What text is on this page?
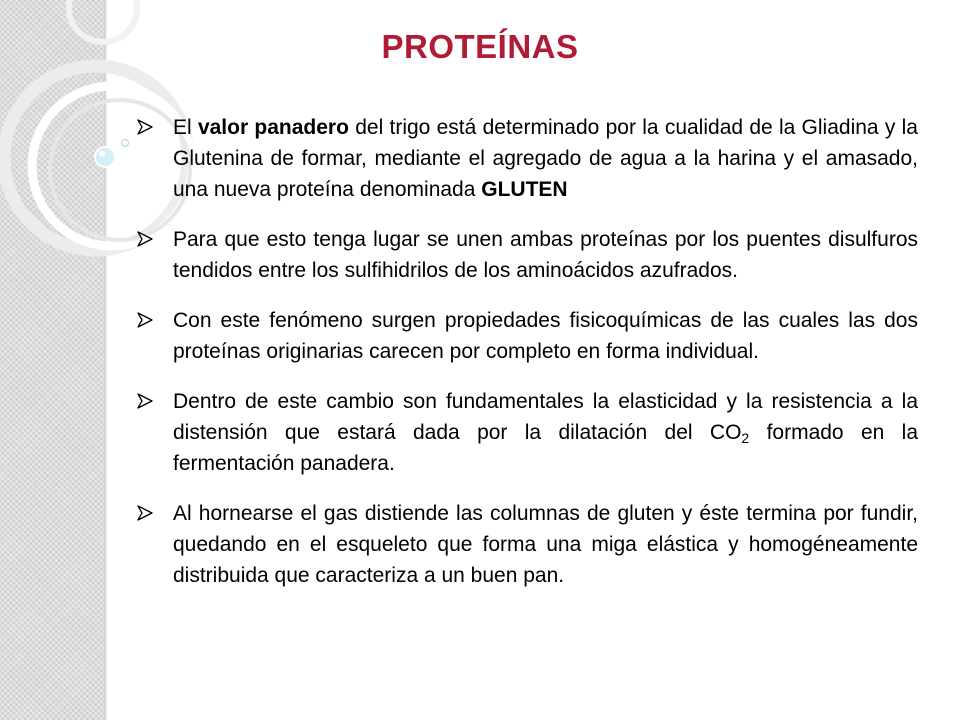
PROTEÍNAS

El valor panadero del trigo está determinado por la cualidad de la Gliadina y la Glutenina de formar, mediante el agregado de agua a la harina y el amasado, una nueva proteína denominada GLUTEN

Para que esto tenga lugar se unen ambas proteínas por los puentes disulfuros tendidos entre los sulfihidrilos de los aminoácidos azufrados.

Con este fenómeno surgen propiedades fisicoquímicas de las cuales las dos proteínas originarias carecen por completo en forma individual.

Dentro de este cambio son fundamentales la elasticidad y la resistencia a la distensión que estará dada por la dilatación del $CO_2$ formado en la fermentación panadera.

Al hornearse el gas distiende las columnas de gluten y éste termina por fundir, quedando en el esqueleto que forma una miga elástica y homogéneamente distribuida que caracteriza a un buen pan.
